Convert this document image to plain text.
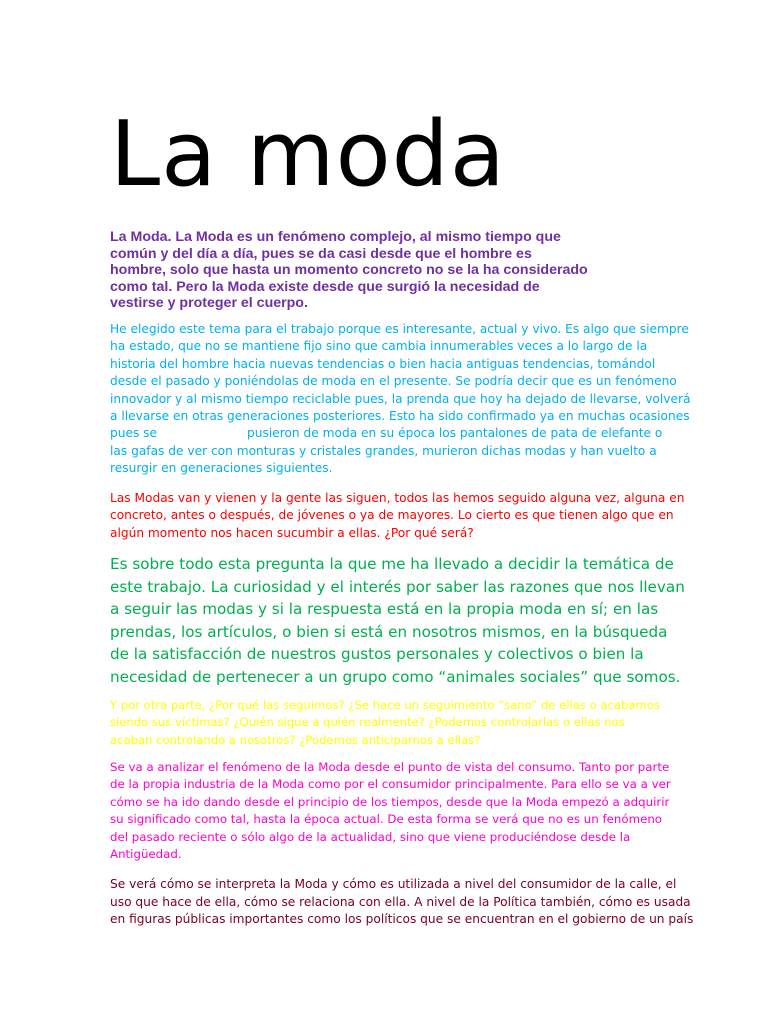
La moda

La Moda. La Moda es un fenómeno complejo, al mismo tiempo que
común y del día a día, pues se da casi desde que el hombre es
hombre, solo que hasta un momento concreto no se la ha considerado
como tal. Pero la Moda existe desde que surgió la necesidad de
vestirse y proteger el cuerpo.

He elegido este tema para el trabajo porque es interesante, actual y vivo. Es algo que siempre
ha estado, que no se mantiene fijo sino que cambia innumerables veces a lo largo de la
historia del hombre hacia nuevas tendencias o bien hacia antiguas tendencias, tomándol
desde el pasado y poniéndolas de moda en el presente. Se podría decir que es un fenómeno
innovador y al mismo tiempo reciclable pues, la prenda que hoy ha dejado de llevarse, volverá
a llevarse en otras generaciones posteriores. Esto ha sido confirmado ya en muchas ocasiones
pues se	pusieron de moda en su época los pantalones de pata de elefante o
las gafas de ver con monturas y cristales grandes, murieron dichas modas y han vuelto a
resurgir en generaciones siguientes.

Las Modas van y vienen y la gente las siguen, todos las hemos seguido alguna vez, alguna en
concreto, antes o después, de jóvenes o ya de mayores. Lo cierto es que tienen algo que en
algún momento nos hacen sucumbir a ellas. ¿Por qué será?

Es sobre todo esta pregunta la que me ha llevado a decidir la temática de
este trabajo. La curiosidad y el interés por saber las razones que nos llevan
a seguir las modas y si la respuesta está en la propia moda en sí; en las
prendas, los artículos, o bien si está en nosotros mismos, en la búsqueda
de la satisfacción de nuestros gustos personales y colectivos o bien la
necesidad de pertenecer a un grupo como “animales sociales” que somos.

Y por otra parte, ¿Por qué las seguimos? ¿Se hace un seguimiento “sano” de ellas o acabamos
siendo sus víctimas? ¿Quién sigue a quién realmente? ¿Podemos controlarlas o ellas nos
acaban controlando a nosotros? ¿Podemos anticiparnos a ellas?

Se va a analizar el fenómeno de la Moda desde el punto de vista del consumo. Tanto por parte
de la propia industria de la Moda como por el consumidor principalmente. Para ello se va a ver
cómo se ha ido dando desde el principio de los tiempos, desde que la Moda empezó a adquirir
su significado como tal, hasta la época actual. De esta forma se verá que no es un fenómeno
del pasado reciente o sólo algo de la actualidad, sino que viene produciéndose desde la
Antigüedad.

Se verá cómo se interpreta la Moda y cómo es utilizada a nivel del consumidor de la calle, el
uso que hace de ella, cómo se relaciona con ella. A nivel de la Política también, cómo es usada
en figuras públicas importantes como los políticos que se encuentran en el gobierno de un país
